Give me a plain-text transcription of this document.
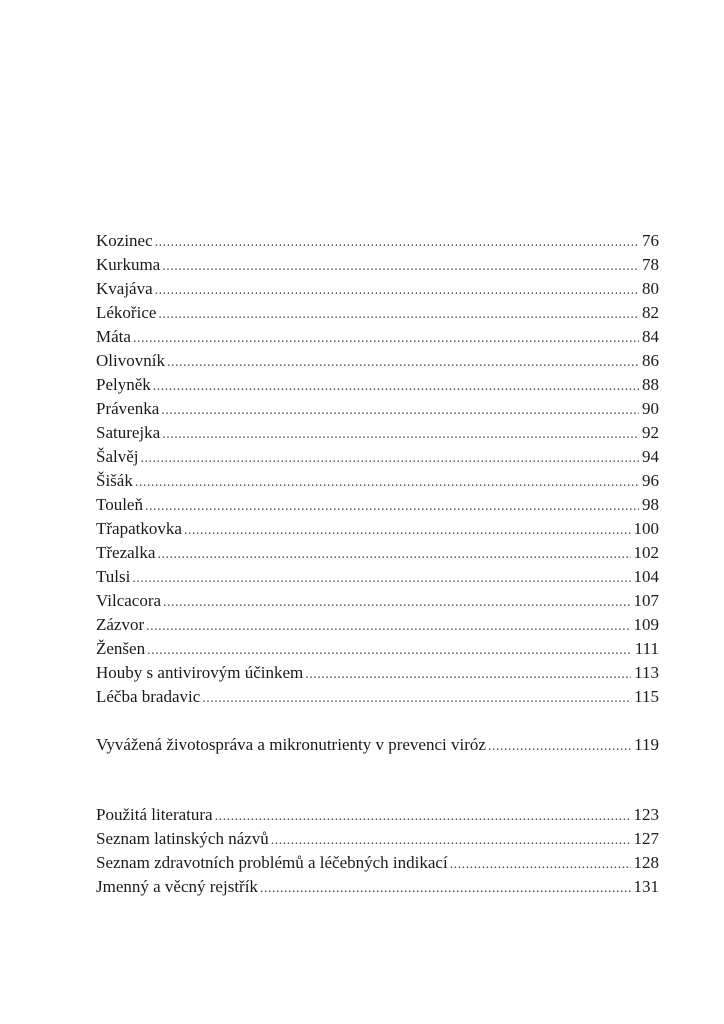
Kozinec .....	76
Kurkuma .....	78
Kvajáva .....	80
Lékořice .....	82
Máta .....	84
Olivovník .....	86
Pelyněk .....	88
Právenka .....	90
Saturejka .....	92
Šalvěj .....	94
Šišák .....	96
Touleň .....	98
Třapatkovka .....	100
Třezalka .....	102
Tulsi .....	104
Vilcacora .....	107
Zázvor .....	109
Ženšen .....	111
Houby s antivirovým účinkem .....	113
Léčba bradavic .....	115
Vyvážená životospráva a mikronutrienty v prevenci viróz .....	119
Použitá literatura .....	123
Seznam latinských názvů .....	127
Seznam zdravotních problémů a léčebných indikací .....	128
Jmenný a věcný rejstřík .....	131
